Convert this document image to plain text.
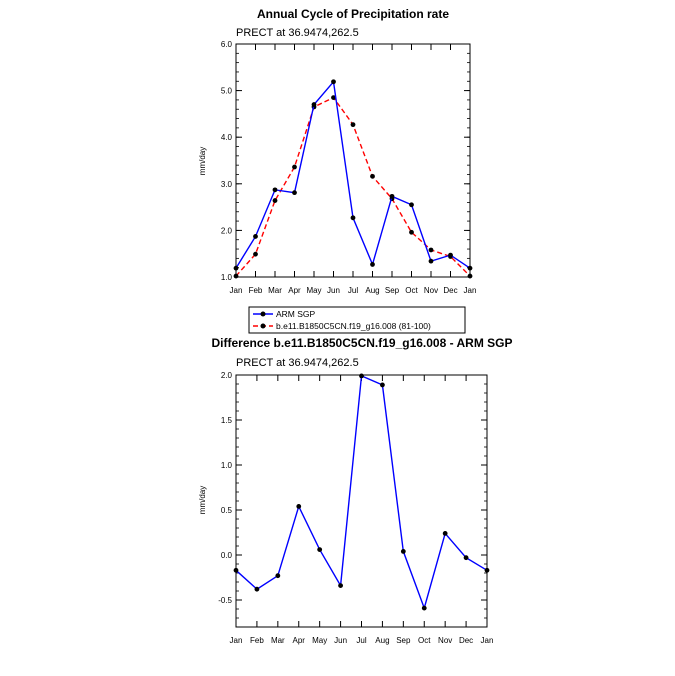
Annual Cycle of Precipitation rate
PRECT at 36.9474,262.5
mm/day
Jan Feb Mar Apr May Jun Jul Aug Sep Oct Nov Dec Jan
1.0
2.0
3.0
4.0
5.0
6.0
ARM SGP
b.e11.B1850C5CN.f19_g16.008 (81-100)
Difference b.e11.B1850C5CN.f19_g16.008 - ARM SGP
PRECT at 36.9474,262.5
mm/day
Jan Feb Mar Apr May Jun Jul Aug Sep Oct Nov Dec Jan
-0.5
0.0
0.5
1.0
1.5
2.0
